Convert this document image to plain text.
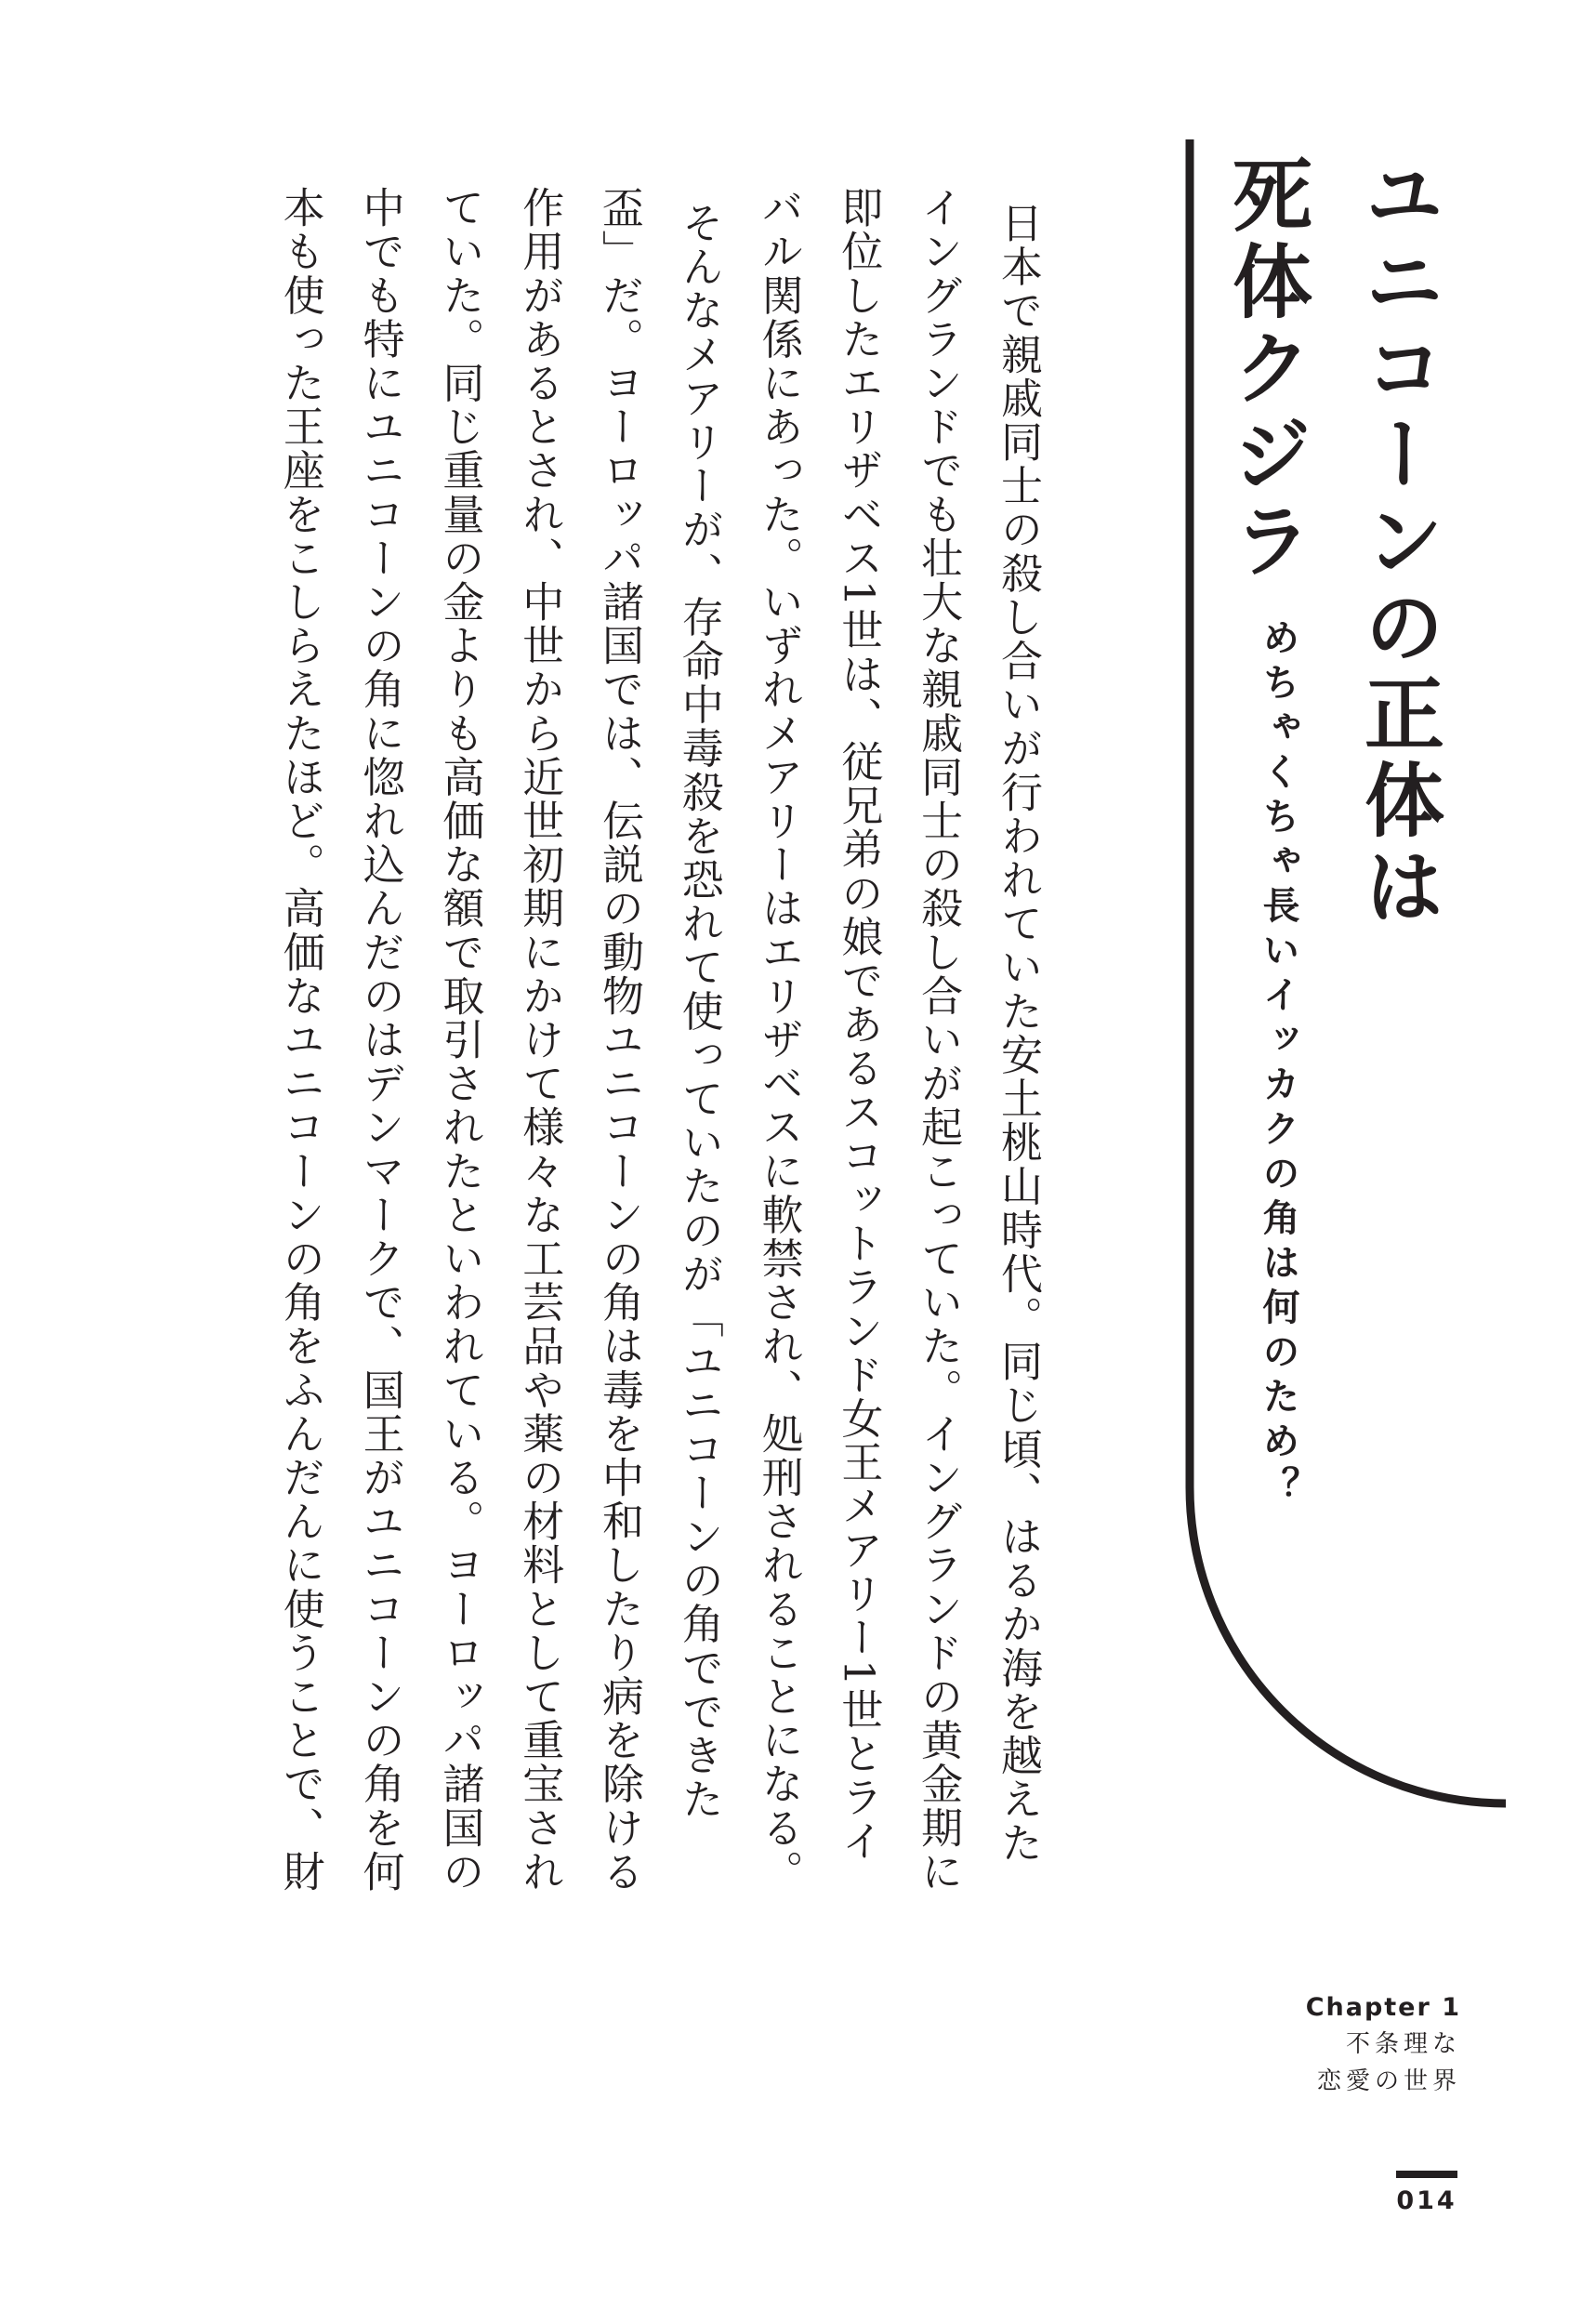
ユニコーンの正体は
死体クジラ
めちゃくちゃ長いイッカクの角は何のため？

日本で親戚同士の殺し合いが行われていた安土桃山時代。同じ頃、はるか海を越えた
イングランドでも壮大な親戚同士の殺し合いが起こっていた。イングランドの黄金期に
即位したエリザベス1世は、従兄弟の娘であるスコットランド女王メアリー1世とライ
バル関係にあった。いずれメアリーはエリザベスに軟禁され、処刑されることになる。

そんなメアリーが、存命中毒殺を恐れて使っていたのが「ユニコーンの角でできた
盃」だ。ヨーロッパ諸国では、伝説の動物ユニコーンの角は毒を中和したり病を除ける
作用があるとされ、中世から近世初期にかけて様々な工芸品や薬の材料として重宝され
ていた。同じ重量の金よりも高価な額で取引されたといわれている。ヨーロッパ諸国の
中でも特にユニコーンの角に惚れ込んだのはデンマークで、国王がユニコーンの角を何
本も使った王座をこしらえたほど。高価なユニコーンの角をふんだんに使うことで、財

Chapter 1
不条理な
恋愛の世界
014
